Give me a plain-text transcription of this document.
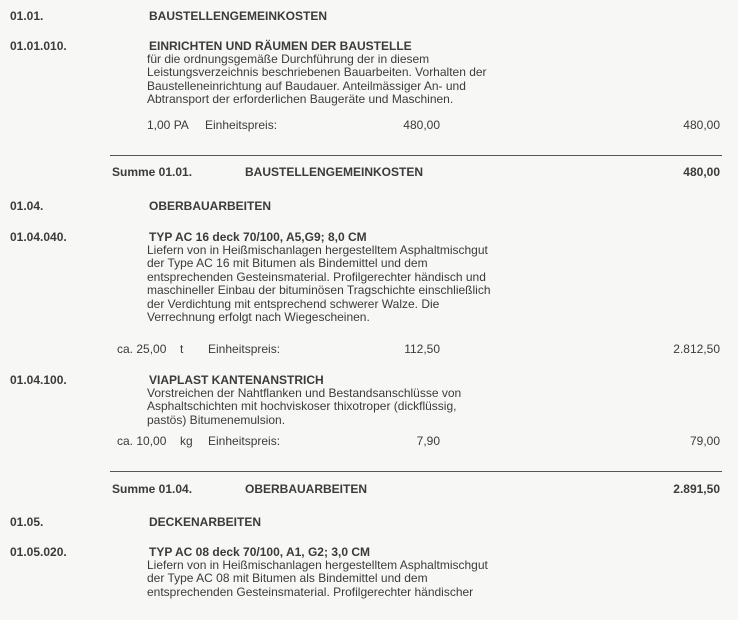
01.01.	BAUSTELLENGEMEINKOSTEN
01.01.010.	EINRICHTEN UND RÄUMEN DER BAUSTELLE

für die ordnungsgemäße Durchführung der in diesem

Leistungsverzeichnis beschriebenen Bauarbeiten. Vorhalten der

Baustelleneinrichtung auf Baudauer. Anteilmässiger An- und

Abtransport der erforderlichen Baugeräte und Maschinen.

1,00 PA Einheitspreis:	480,00	480,00
Summe 01.01.	BAUSTELLENGEMEINKOSTEN	480,00
01.04.	OBERBAUARBEITEN
01.04.040.	TYP AC 16 deck 70/100, A5,G9; 8,0 CM

Liefern von in Heißmischanlagen hergestelltem Asphaltmischgut

der Type AC 16 mit Bitumen als Bindemittel und dem

entsprechenden Gesteinsmaterial. Profilgerechter händisch und

maschineller Einbau der bituminösen Tragschichte einschließlich

der Verdichtung mit entsprechend schwerer Walze. Die

Verrechnung erfolgt nach Wiegescheinen.

ca. 25,00 t Einheitspreis:	112,50	2.812,50
01.04.100.	VIAPLAST KANTENANSTRICH

Vorstreichen der Nahtflanken und Bestandsanschlüsse von

Asphaltschichten mit hochviskoser thixotroper (dickflüssig,

pastös) Bitumenemulsion.

ca. 10,00 kg Einheitspreis:	7,90	79,00
Summe 01.04.	OBERBAUARBEITEN	2.891,50
01.05.	DECKENARBEITEN
01.05.020.	TYP AC 08 deck 70/100, A1, G2; 3,0 CM

Liefern von in Heißmischanlagen hergestelltem Asphaltmischgut

der Type AC 08 mit Bitumen als Bindemittel und dem

entsprechenden Gesteinsmaterial. Profilgerechter händischer
